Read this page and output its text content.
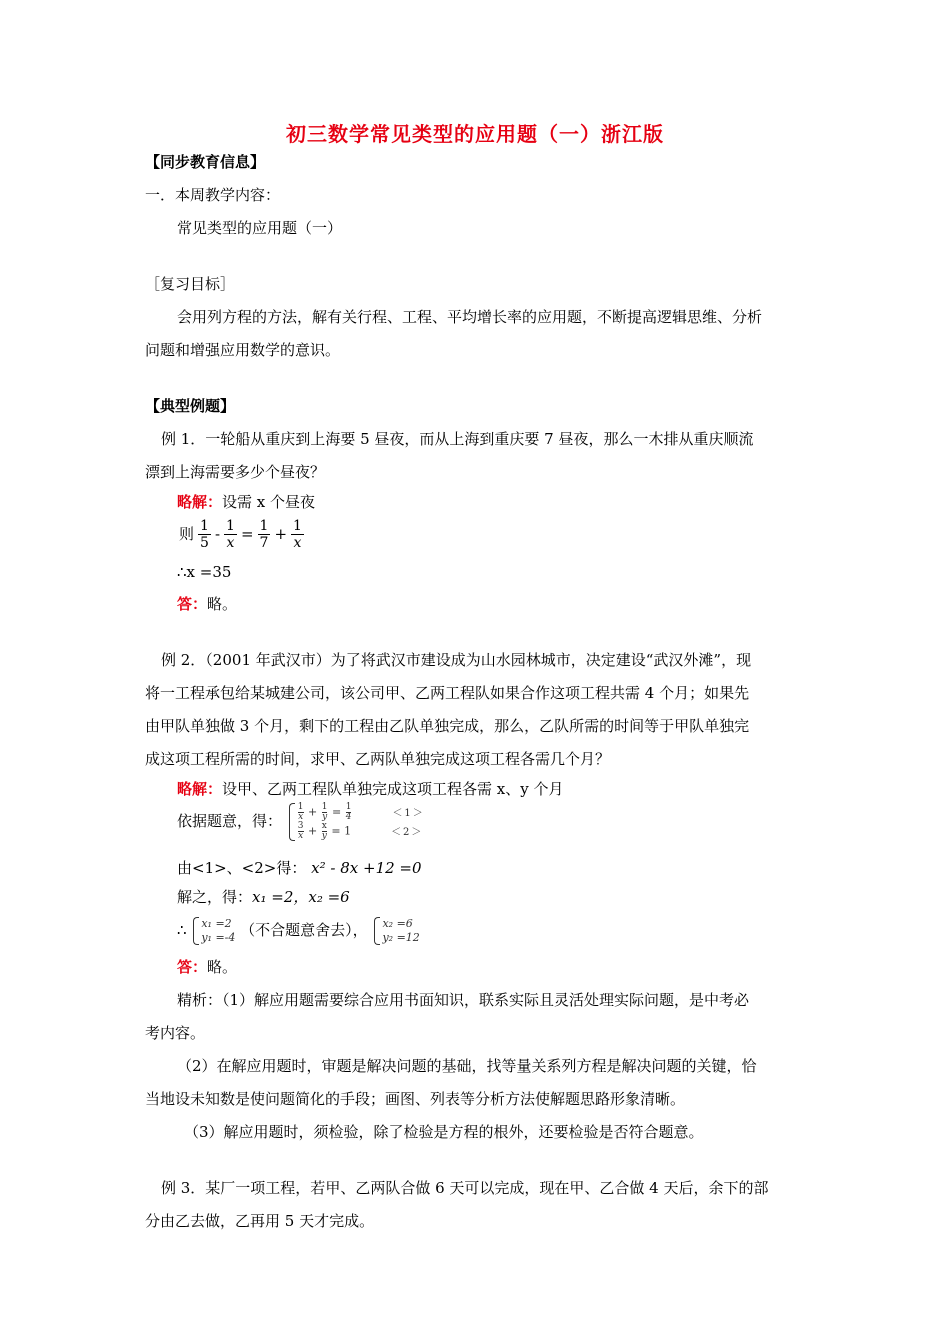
初三数学常见类型的应用题（一）浙江版
【同步教育信息】
一．本周教学内容：
常见类型的应用题（一）
［复习目标］
会用列方程的方法，解有关行程、工程、平均增长率的应用题，不断提高逻辑思维、分析
问题和增强应用数学的意识。
【典型例题】
例 1．一轮船从重庆到上海要 5 昼夜，而从上海到重庆要 7 昼夜，那么一木排从重庆顺流
漂到上海需要多少个昼夜？
略解：设需 x 个昼夜
则 $\frac{1}{5} - \frac{1}{x} = \frac{1}{7} + \frac{1}{x}$
∴x =35
答：略。
例 2．（2001 年武汉市）为了将武汉市建设成为山水园林城市，决定建设“武汉外滩”，现
将一工程承包给某城建公司，该公司甲、乙两工程队如果合作这项工程共需 4 个月；如果先
由甲队单独做 3 个月，剩下的工程由乙队单独完成，那么，乙队所需的时间等于甲队单独完
成这项工程所需的时间，求甲、乙两队单独完成这项工程各需几个月？
略解：设甲、乙两工程队单独完成这项工程各需 x、y 个月
依据题意，得： $\frac{1}{x} + \frac{1}{y} = \frac{1}{4}$	＜1＞
$\frac{3}{x} + \frac{x}{y} = 1$	＜2＞
由<1>、<2>得： x² - 8x +12 =0
解之，得：x₁ =2，x₂ =6
∴ x₁ =2
y₁ =-4 （不合题意舍去）， x₂ =6
y₂ =12
答：略。
精析：（1）解应用题需要综合应用书面知识，联系实际且灵活处理实际问题，是中考必
考内容。
（2）在解应用题时，审题是解决问题的基础，找等量关系列方程是解决问题的关键，恰
当地设未知数是使问题简化的手段；画图、列表等分析方法使解题思路形象清晰。
（3）解应用题时，须检验，除了检验是方程的根外，还要检验是否符合题意。
例 3．某厂一项工程，若甲、乙两队合做 6 天可以完成，现在甲、乙合做 4 天后，余下的部
分由乙去做，乙再用 5 天才完成。
